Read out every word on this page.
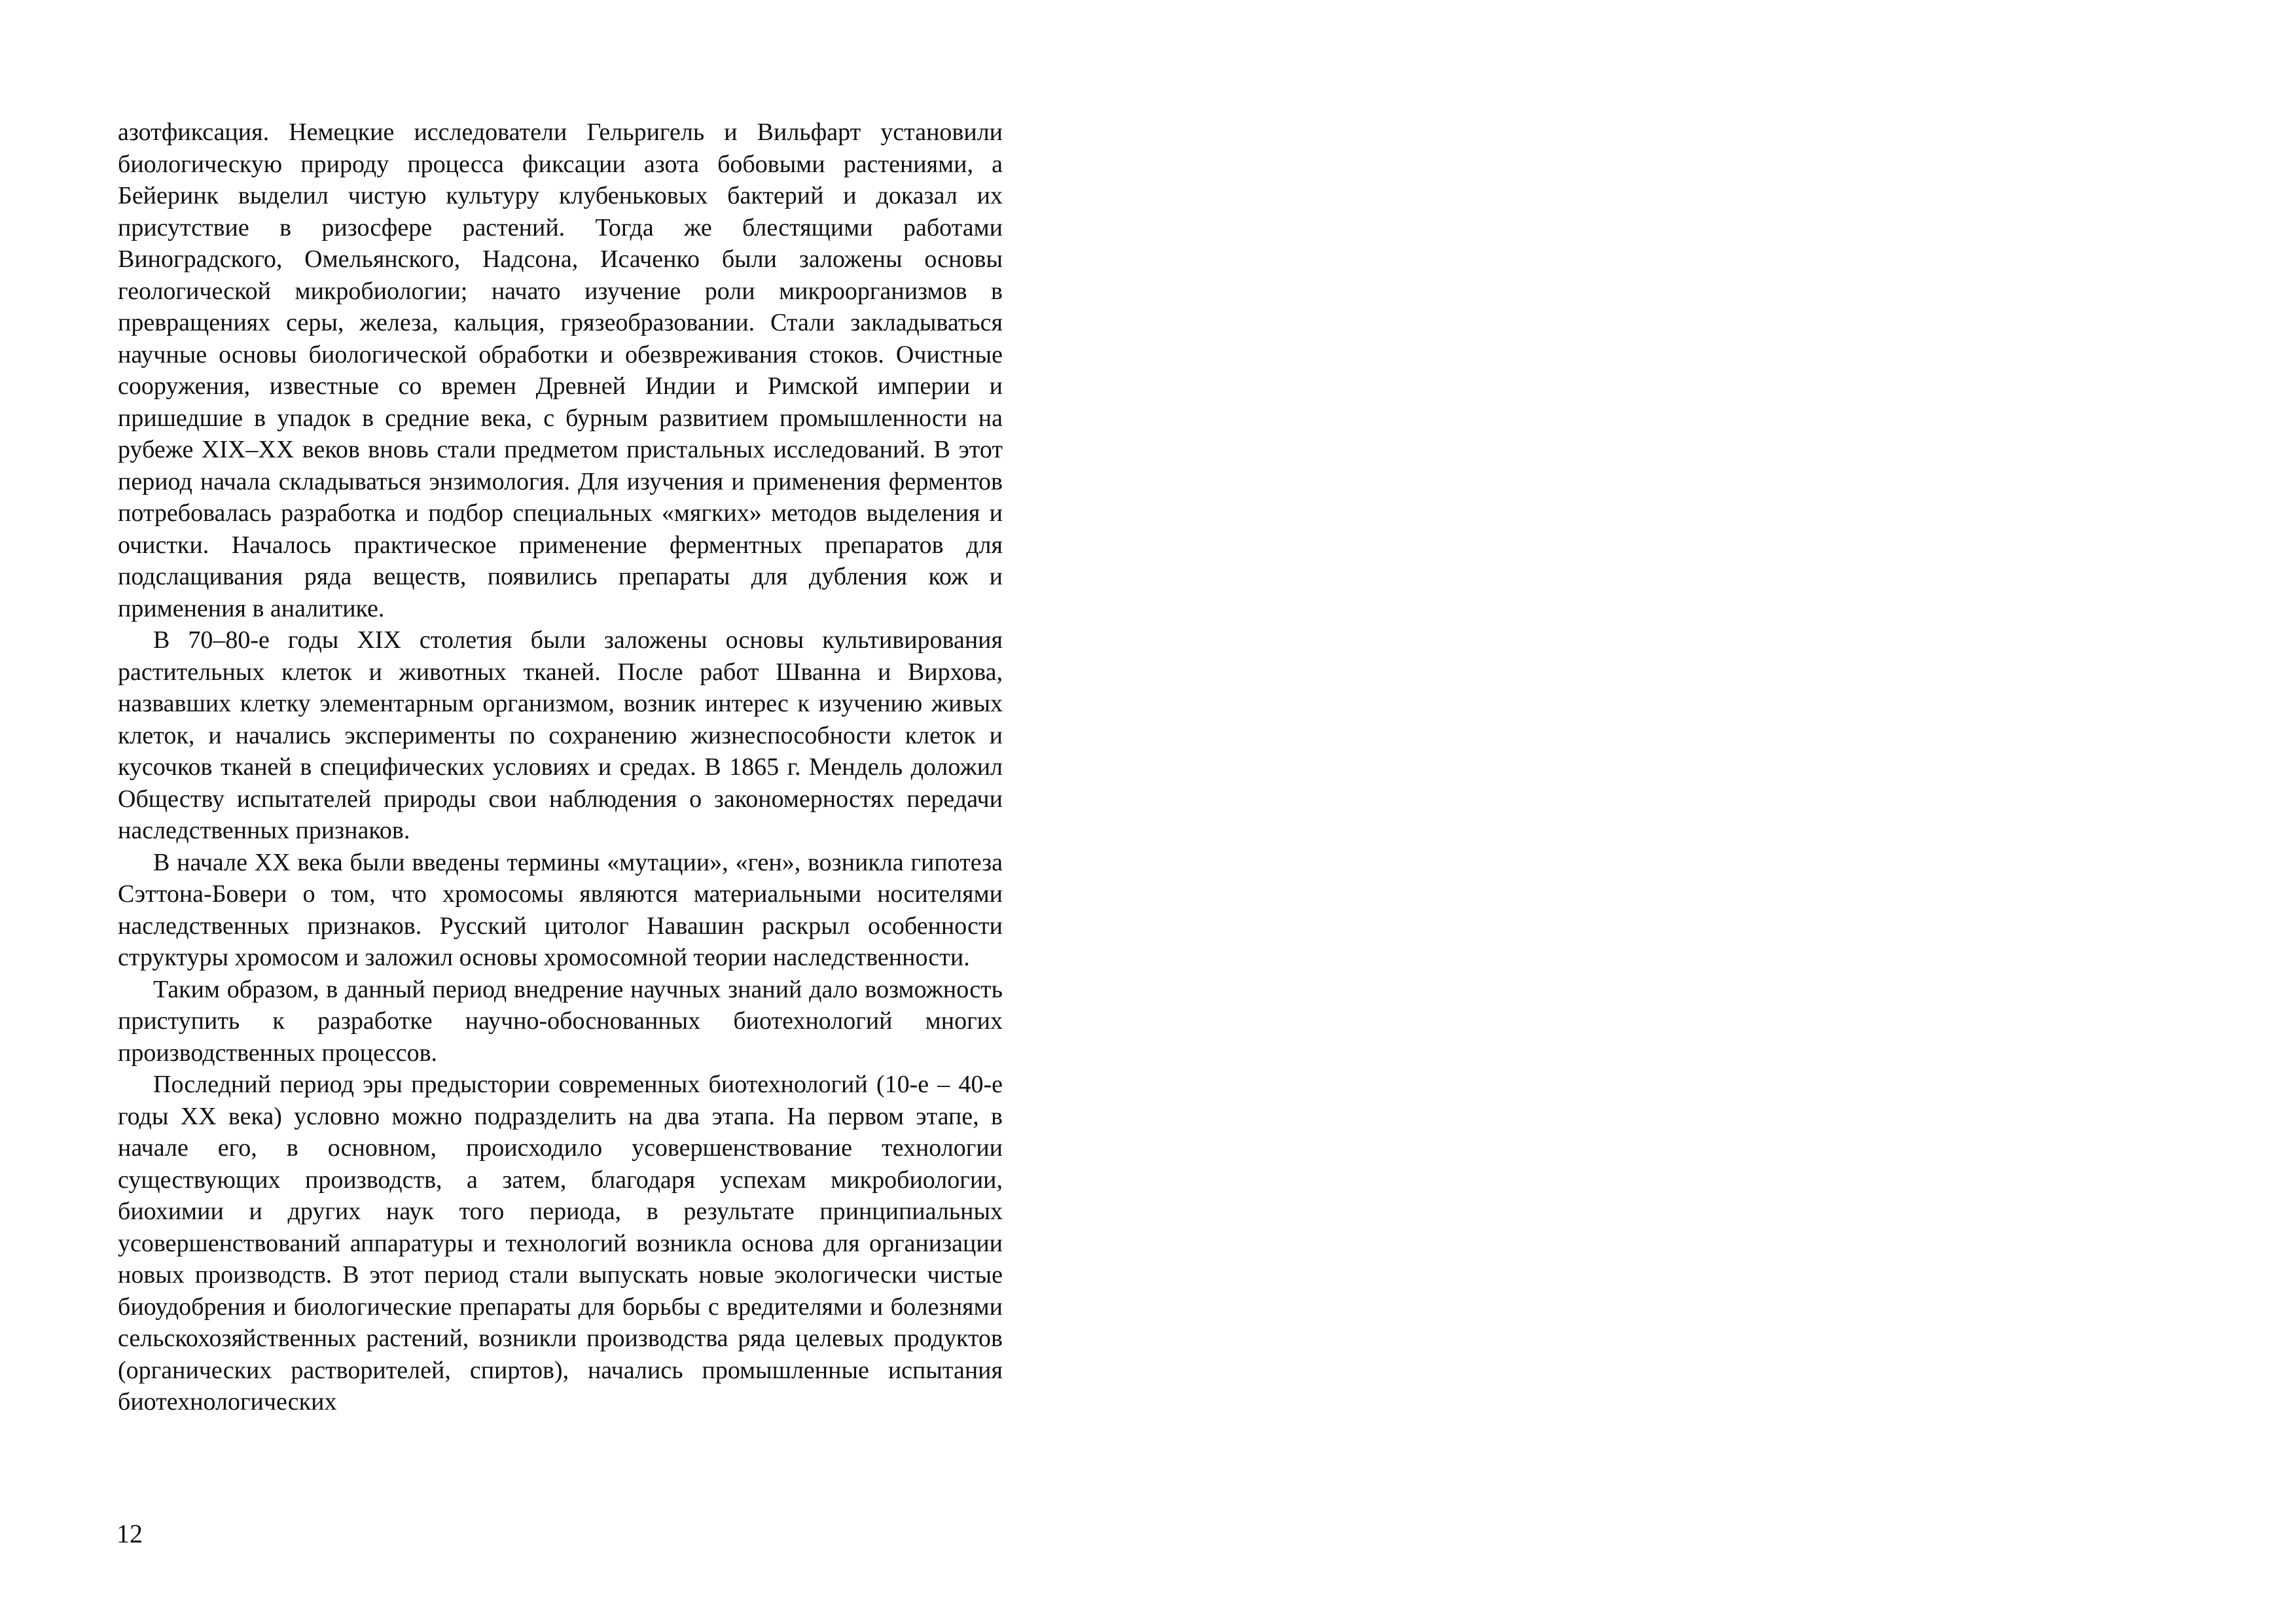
азотфиксация. Немецкие исследователи Гельригель и Вильфарт установили биологическую природу процесса фиксации азота бобовыми растениями, а Бейеринк выделил чистую культуру клубеньковых бактерий и доказал их присутствие в ризосфере растений. Тогда же блестящими работами Виноградского, Омельянского, Надсона, Исаченко были заложены основы геологической микробиологии; начато изучение роли микроорганизмов в превращениях серы, железа, кальция, грязеобразовании. Стали закладываться научные основы биологической обработки и обезвреживания стоков. Очистные сооружения, известные со времен Древней Индии и Римской империи и пришедшие в упадок в средние века, с бурным развитием промышленности на рубеже XIX–XX веков вновь стали предметом пристальных исследований. В этот период начала складываться энзимология. Для изучения и применения ферментов потребовалась разработка и подбор специальных «мягких» методов выделения и очистки. Началось практическое применение ферментных препаратов для подслащивания ряда веществ, появились препараты для дубления кож и применения в аналитике.

В 70–80-е годы XIX столетия были заложены основы культивирования растительных клеток и животных тканей. После работ Шванна и Вирхова, назвавших клетку элементарным организмом, возник интерес к изучению живых клеток, и начались эксперименты по сохранению жизнеспособности клеток и кусочков тканей в специфических условиях и средах. В 1865 г. Мендель доложил Обществу испытателей природы свои наблюдения о закономерностях передачи наследственных признаков.

В начале XX века были введены термины «мутации», «ген», возникла гипотеза Сэттона-Бовери о том, что хромосомы являются материальными носителями наследственных признаков. Русский цитолог Навашин раскрыл особенности структуры хромосом и заложил основы хромосомной теории наследственности.

Таким образом, в данный период внедрение научных знаний дало возможность приступить к разработке научно-обоснованных биотехнологий многих производственных процессов.

Последний период эры предыстории современных биотехнологий (10-е – 40-е годы XX века) условно можно подразделить на два этапа. На первом этапе, в начале его, в основном, происходило усовершенствование технологии существующих производств, а затем, благодаря успехам микробиологии, биохимии и других наук того периода, в результате принципиальных усовершенствований аппаратуры и технологий возникла основа для организации новых производств. В этот период стали выпускать новые экологически чистые биоудобрения и биологические препараты для борьбы с вредителями и болезнями сельскохозяйственных растений, возникли производства ряда целевых продуктов (органических растворителей, спиртов), начались промышленные испытания биотехнологических

12
